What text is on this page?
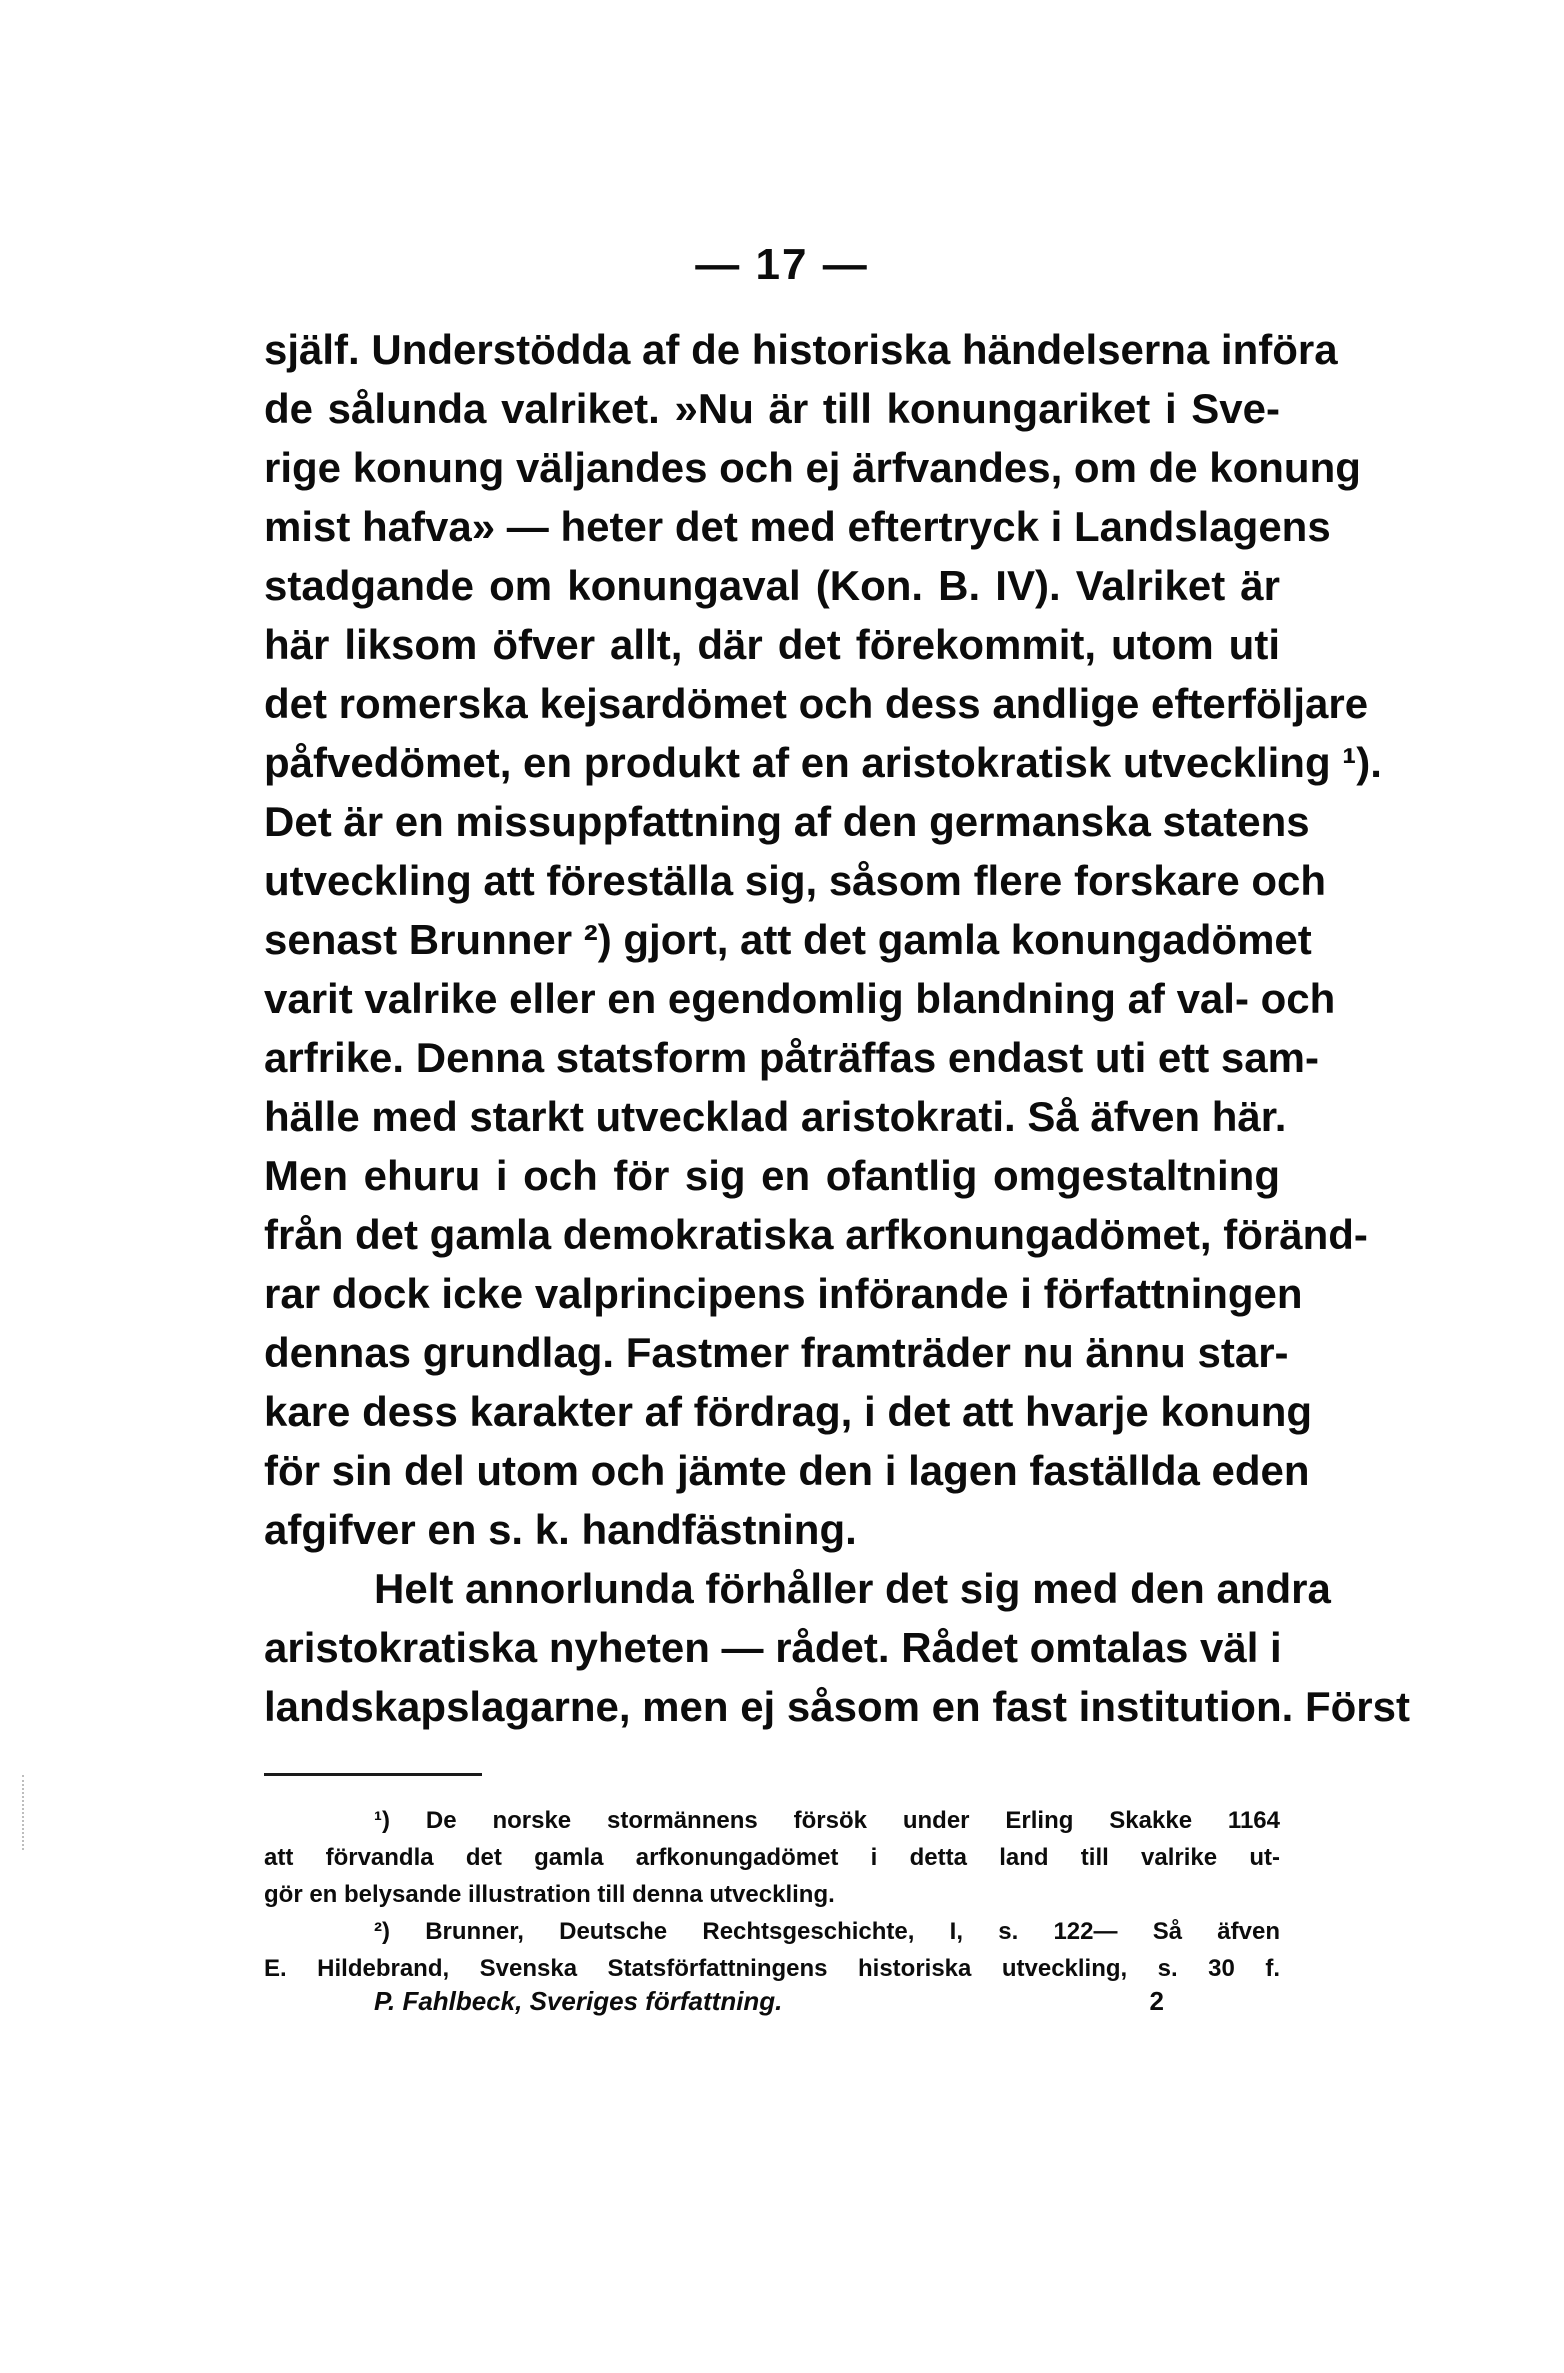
— 17 —
själf. Understödda af de historiska händelserna införa
de sålunda valriket. »Nu är till konungariket i Sve-
rige konung väljandes och ej ärfvandes, om de konung
mist hafva» — heter det med eftertryck i Landslagens
stadgande om konungaval (Kon. B. IV). Valriket är
här liksom öfver allt, där det förekommit, utom uti
det romerska kejsardömet och dess andlige efterföljare
påfvedömet, en produkt af en aristokratisk utveckling ¹).
Det är en missuppfattning af den germanska statens
utveckling att föreställa sig, såsom flere forskare och
senast Brunner ²) gjort, att det gamla konungadömet
varit valrike eller en egendomlig blandning af val- och
arfrike. Denna statsform påträffas endast uti ett sam-
hälle med starkt utvecklad aristokrati. Så äfven här.
Men ehuru i och för sig en ofantlig omgestaltning
från det gamla demokratiska arfkonungadömet, föränd-
rar dock icke valprincipens införande i författningen
dennas grundlag. Fastmer framträder nu ännu star-
kare dess karakter af fördrag, i det att hvarje konung
för sin del utom och jämte den i lagen faställda eden
afgifver en s. k. handfästning.
Helt annorlunda förhåller det sig med den andra
aristokratiska nyheten — rådet. Rådet omtalas väl i
landskapslagarne, men ej såsom en fast institution. Först
¹) De norske stormännens försök under Erling Skakke 1164
att förvandla det gamla arfkonungadömet i detta land till valrike ut-
gör en belysande illustration till denna utveckling.
²) Brunner, Deutsche Rechtsgeschichte, I, s. 122— Så äfven
E. Hildebrand, Svenska Statsförfattningens historiska utveckling, s. 30 f.
P. Fahlbeck, Sveriges författning.	2
